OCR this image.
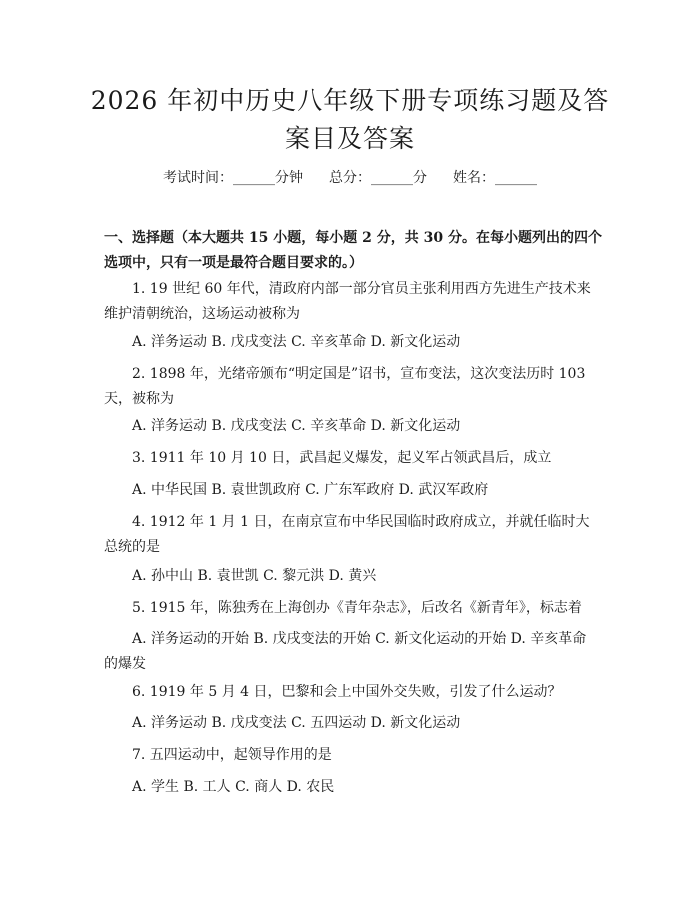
2026 年初中历史八年级下册专项练习题及答
案目及答案
考试时间：______分钟 总分：______分 姓名：______

一、选择题（本大题共 15 小题，每小题 2 分，共 30 分。在每小题列出的四个选项中，只有一项是最符合题目要求的。）

1. 19 世纪 60 年代，清政府内部一部分官员主张利用西方先进生产技术来维护清朝统治，这场运动被称为

A. 洋务运动 B. 戊戌变法 C. 辛亥革命 D. 新文化运动

2. 1898 年，光绪帝颁布“明定国是”诏书，宣布变法，这次变法历时 103 天，被称为

A. 洋务运动 B. 戊戌变法 C. 辛亥革命 D. 新文化运动

3. 1911 年 10 月 10 日，武昌起义爆发，起义军占领武昌后，成立

A. 中华民国 B. 袁世凯政府 C. 广东军政府 D. 武汉军政府

4. 1912 年 1 月 1 日，在南京宣布中华民国临时政府成立，并就任临时大总统的是

A. 孙中山 B. 袁世凯 C. 黎元洪 D. 黄兴

5. 1915 年，陈独秀在上海创办《青年杂志》，后改名《新青年》，标志着

A. 洋务运动的开始 B. 戊戌变法的开始 C. 新文化运动的开始 D. 辛亥革命的爆发

6. 1919 年 5 月 4 日，巴黎和会上中国外交失败，引发了什么运动？

A. 洋务运动 B. 戊戌变法 C. 五四运动 D. 新文化运动

7. 五四运动中，起领导作用的是

A. 学生 B. 工人 C. 商人 D. 农民
